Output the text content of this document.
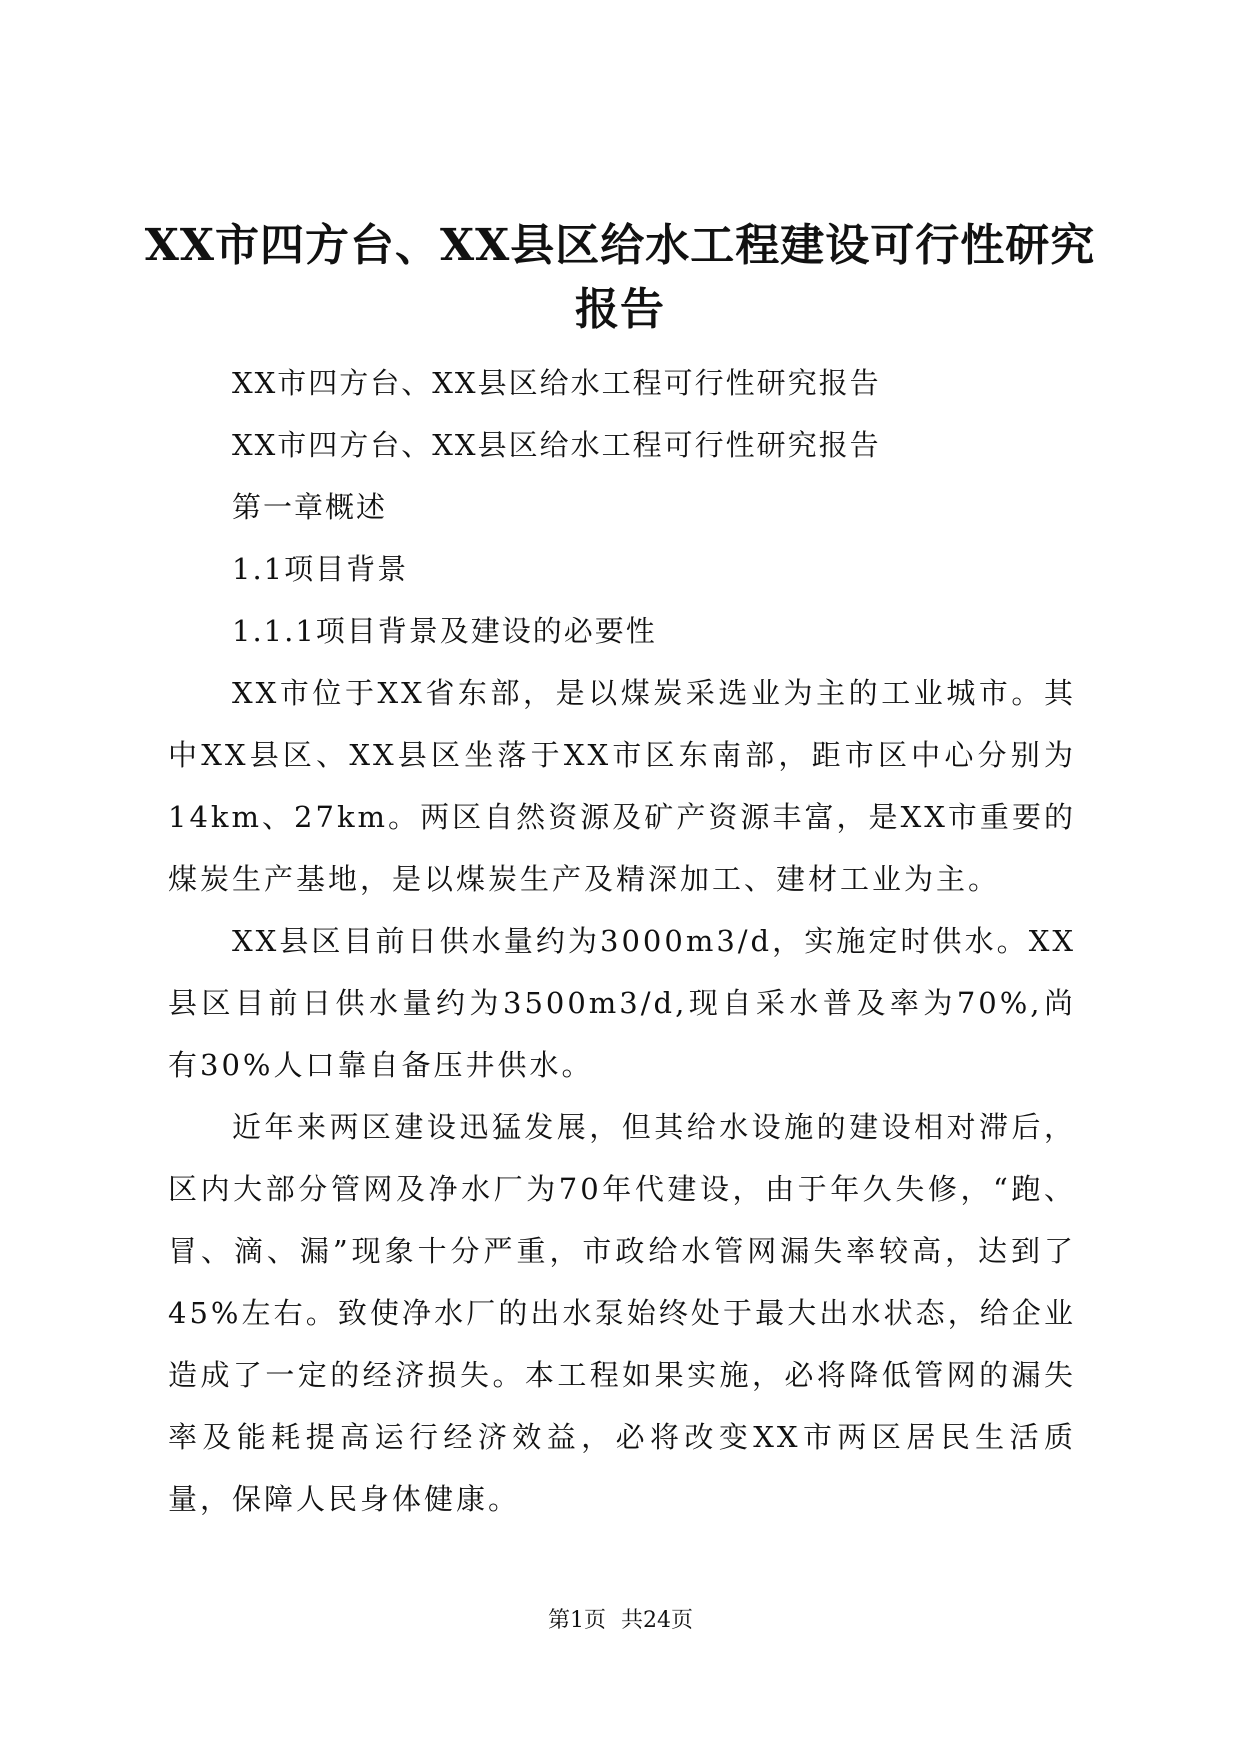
XX市四方台、XX县区给水工程建设可行性研究报告

XX市四方台、XX县区给水工程可行性研究报告

XX市四方台、XX县区给水工程可行性研究报告

第一章概述

1.1项目背景

1.1.1项目背景及建设的必要性

XX市位于XX省东部，是以煤炭采选业为主的工业城市。其中XX县区、XX县区坐落于XX市区东南部，距市区中心分别为14km、27km。两区自然资源及矿产资源丰富，是XX市重要的煤炭生产基地，是以煤炭生产及精深加工、建材工业为主。

XX县区目前日供水量约为3000m3/d，实施定时供水。XX县区目前日供水量约为3500m3/d,现自采水普及率为70%,尚有30%人口靠自备压井供水。

近年来两区建设迅猛发展，但其给水设施的建设相对滞后，区内大部分管网及净水厂为70年代建设，由于年久失修，“跑、冒、滴、漏”现象十分严重，市政给水管网漏失率较高，达到了45%左右。致使净水厂的出水泵始终处于最大出水状态，给企业造成了一定的经济损失。本工程如果实施，必将降低管网的漏失率及能耗提高运行经济效益，必将改变XX市两区居民生活质量，保障人民身体健康。

第1页 共24页
